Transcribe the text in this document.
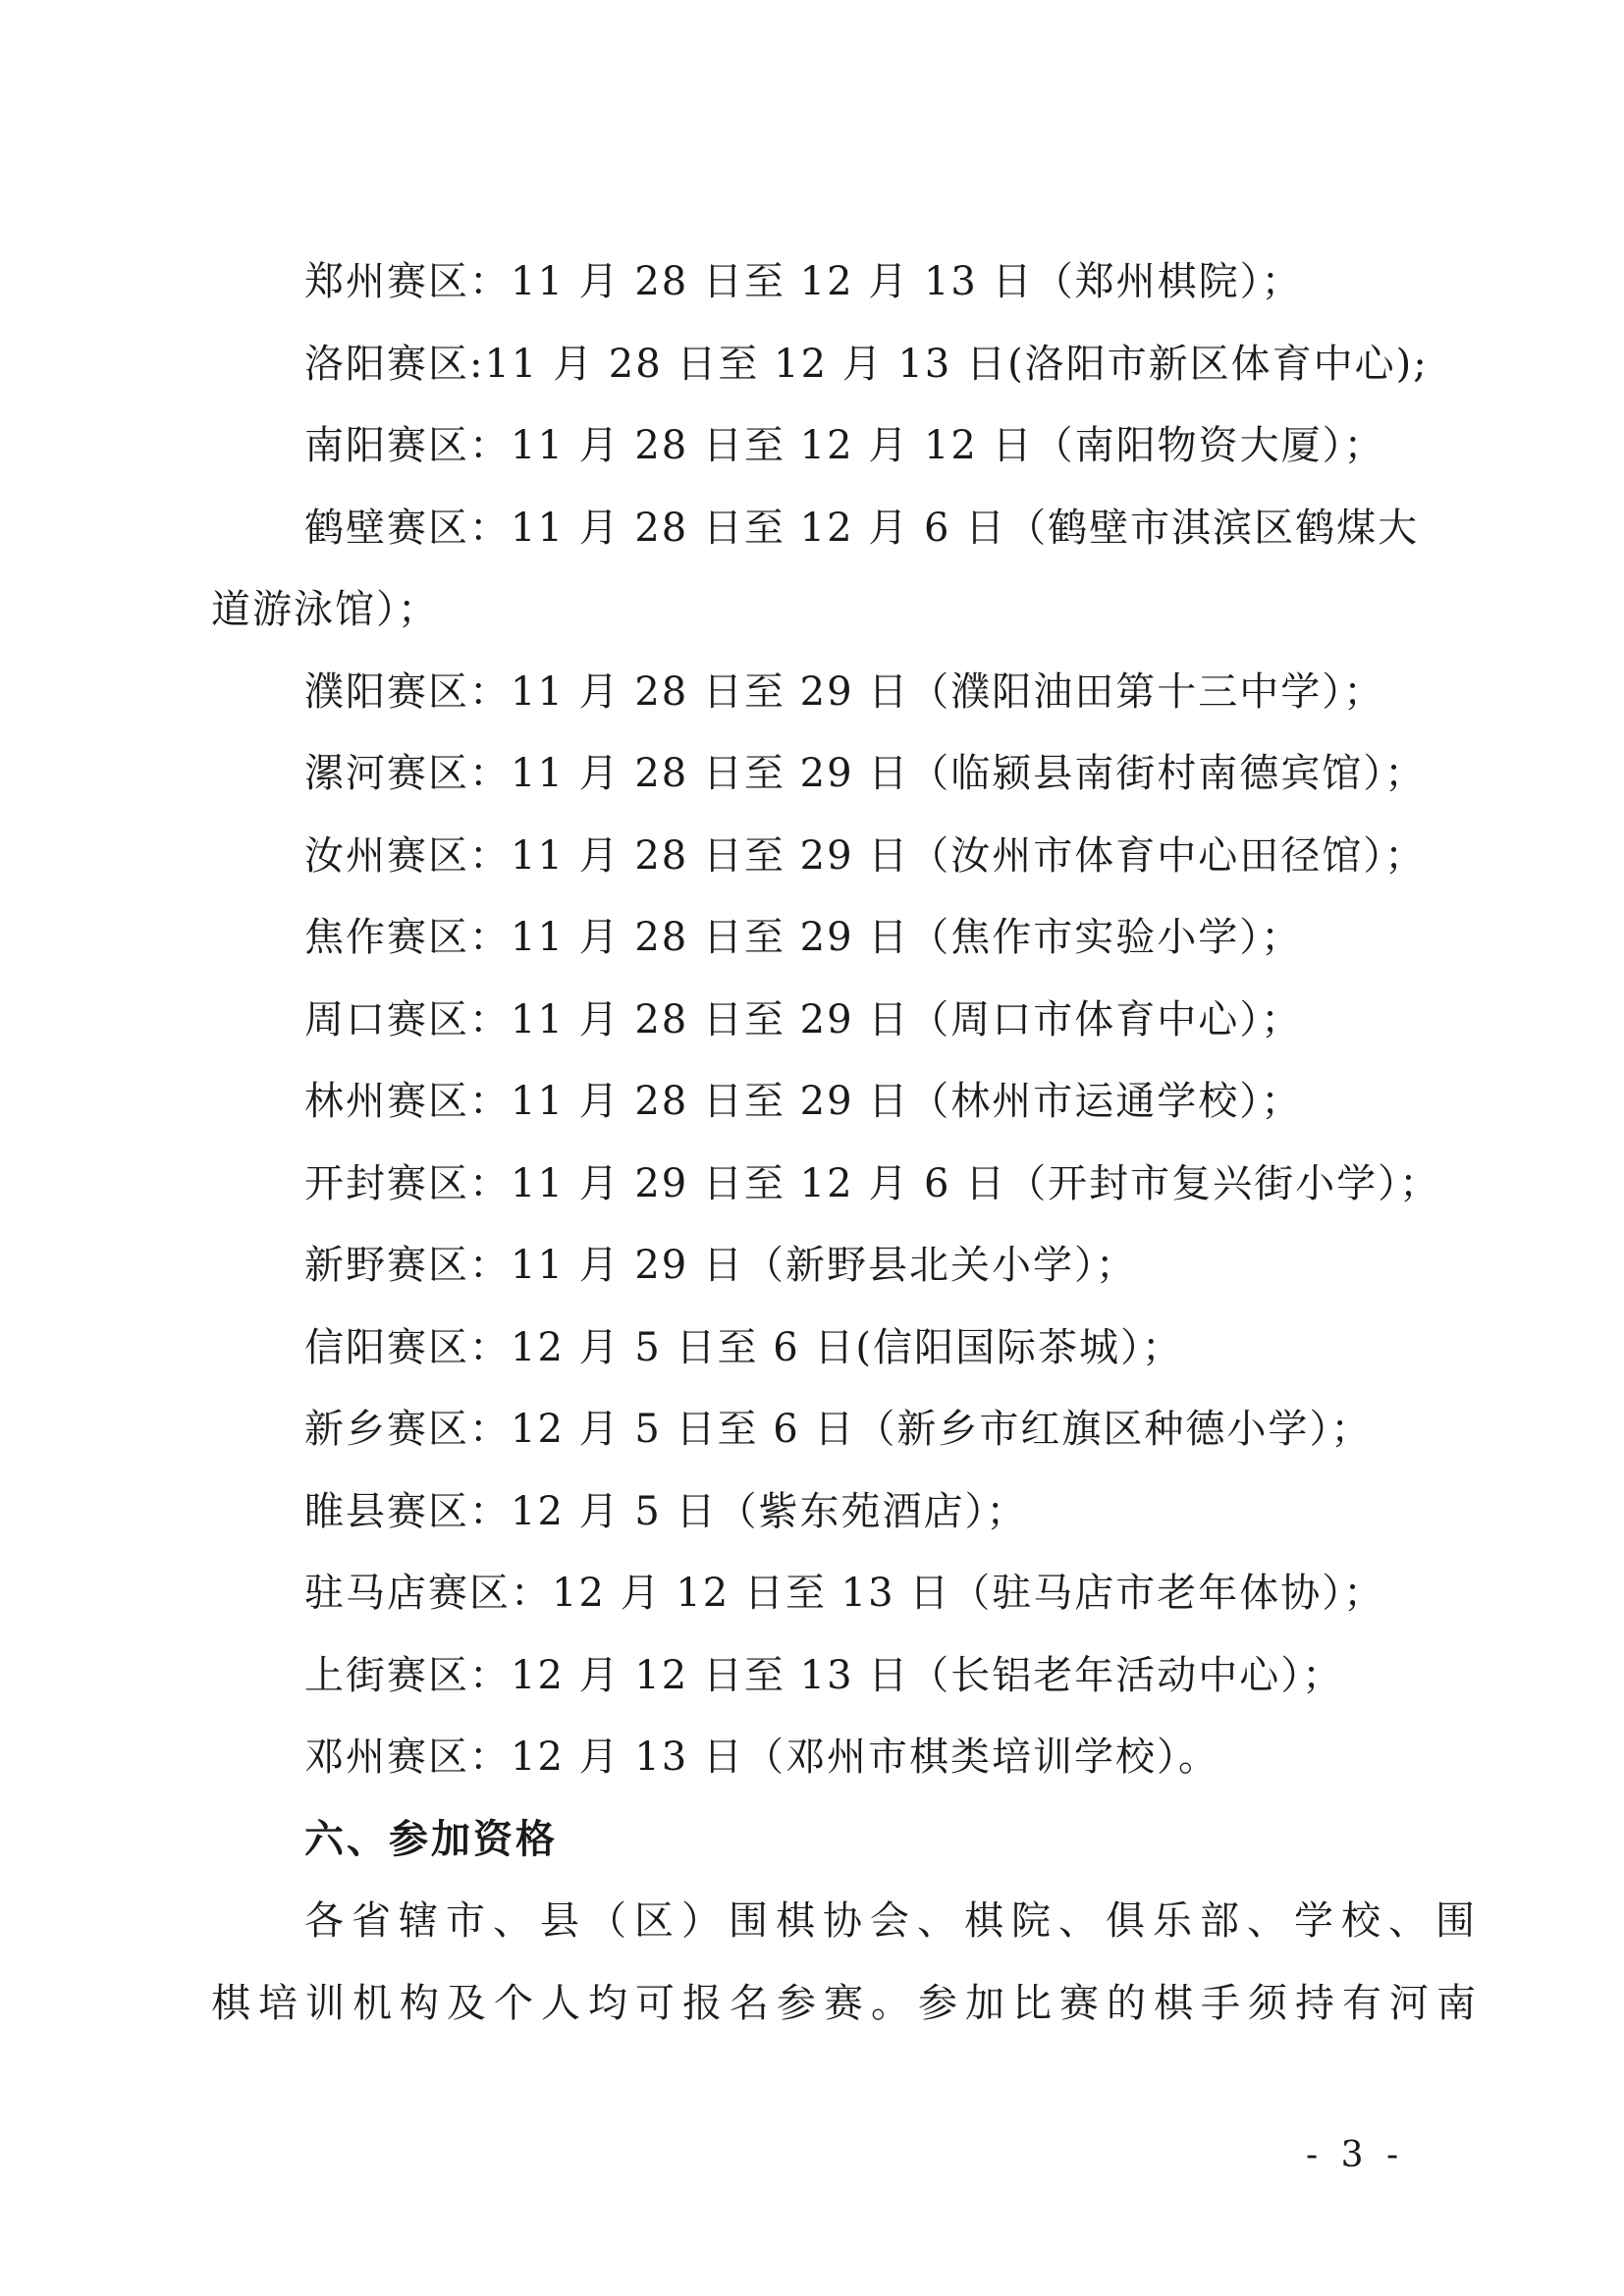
郑州赛区：11 月 28 日至 12 月 13 日（郑州棋院）；
洛阳赛区:11 月 28 日至 12 月 13 日(洛阳市新区体育中心);
南阳赛区：11 月 28 日至 12 月 12 日（南阳物资大厦）；
鹤壁赛区：11 月 28 日至 12 月 6 日（鹤壁市淇滨区鹤煤大
道游泳馆）；
濮阳赛区：11 月 28 日至 29 日（濮阳油田第十三中学）；
漯河赛区：11 月 28 日至 29 日（临颍县南街村南德宾馆）；
汝州赛区：11 月 28 日至 29 日（汝州市体育中心田径馆）；
焦作赛区：11 月 28 日至 29 日（焦作市实验小学）；
周口赛区：11 月 28 日至 29 日（周口市体育中心）；
林州赛区：11 月 28 日至 29 日（林州市运通学校）；
开封赛区：11 月 29 日至 12 月 6 日（开封市复兴街小学）；
新野赛区：11 月 29 日（新野县北关小学）；
信阳赛区：12 月 5 日至 6 日(信阳国际茶城）；
新乡赛区：12 月 5 日至 6 日（新乡市红旗区种德小学）；
睢县赛区：12 月 5 日（紫东苑酒店）；
驻马店赛区：12 月 12 日至 13 日（驻马店市老年体协）；
上街赛区：12 月 12 日至 13 日（长铝老年活动中心）；
邓州赛区：12 月 13 日（邓州市棋类培训学校）。
六、参加资格
各省辖市、县（区）围棋协会、棋院、俱乐部、学校、围
棋培训机构及个人均可报名参赛。参加比赛的棋手须持有河南
- 3 -
